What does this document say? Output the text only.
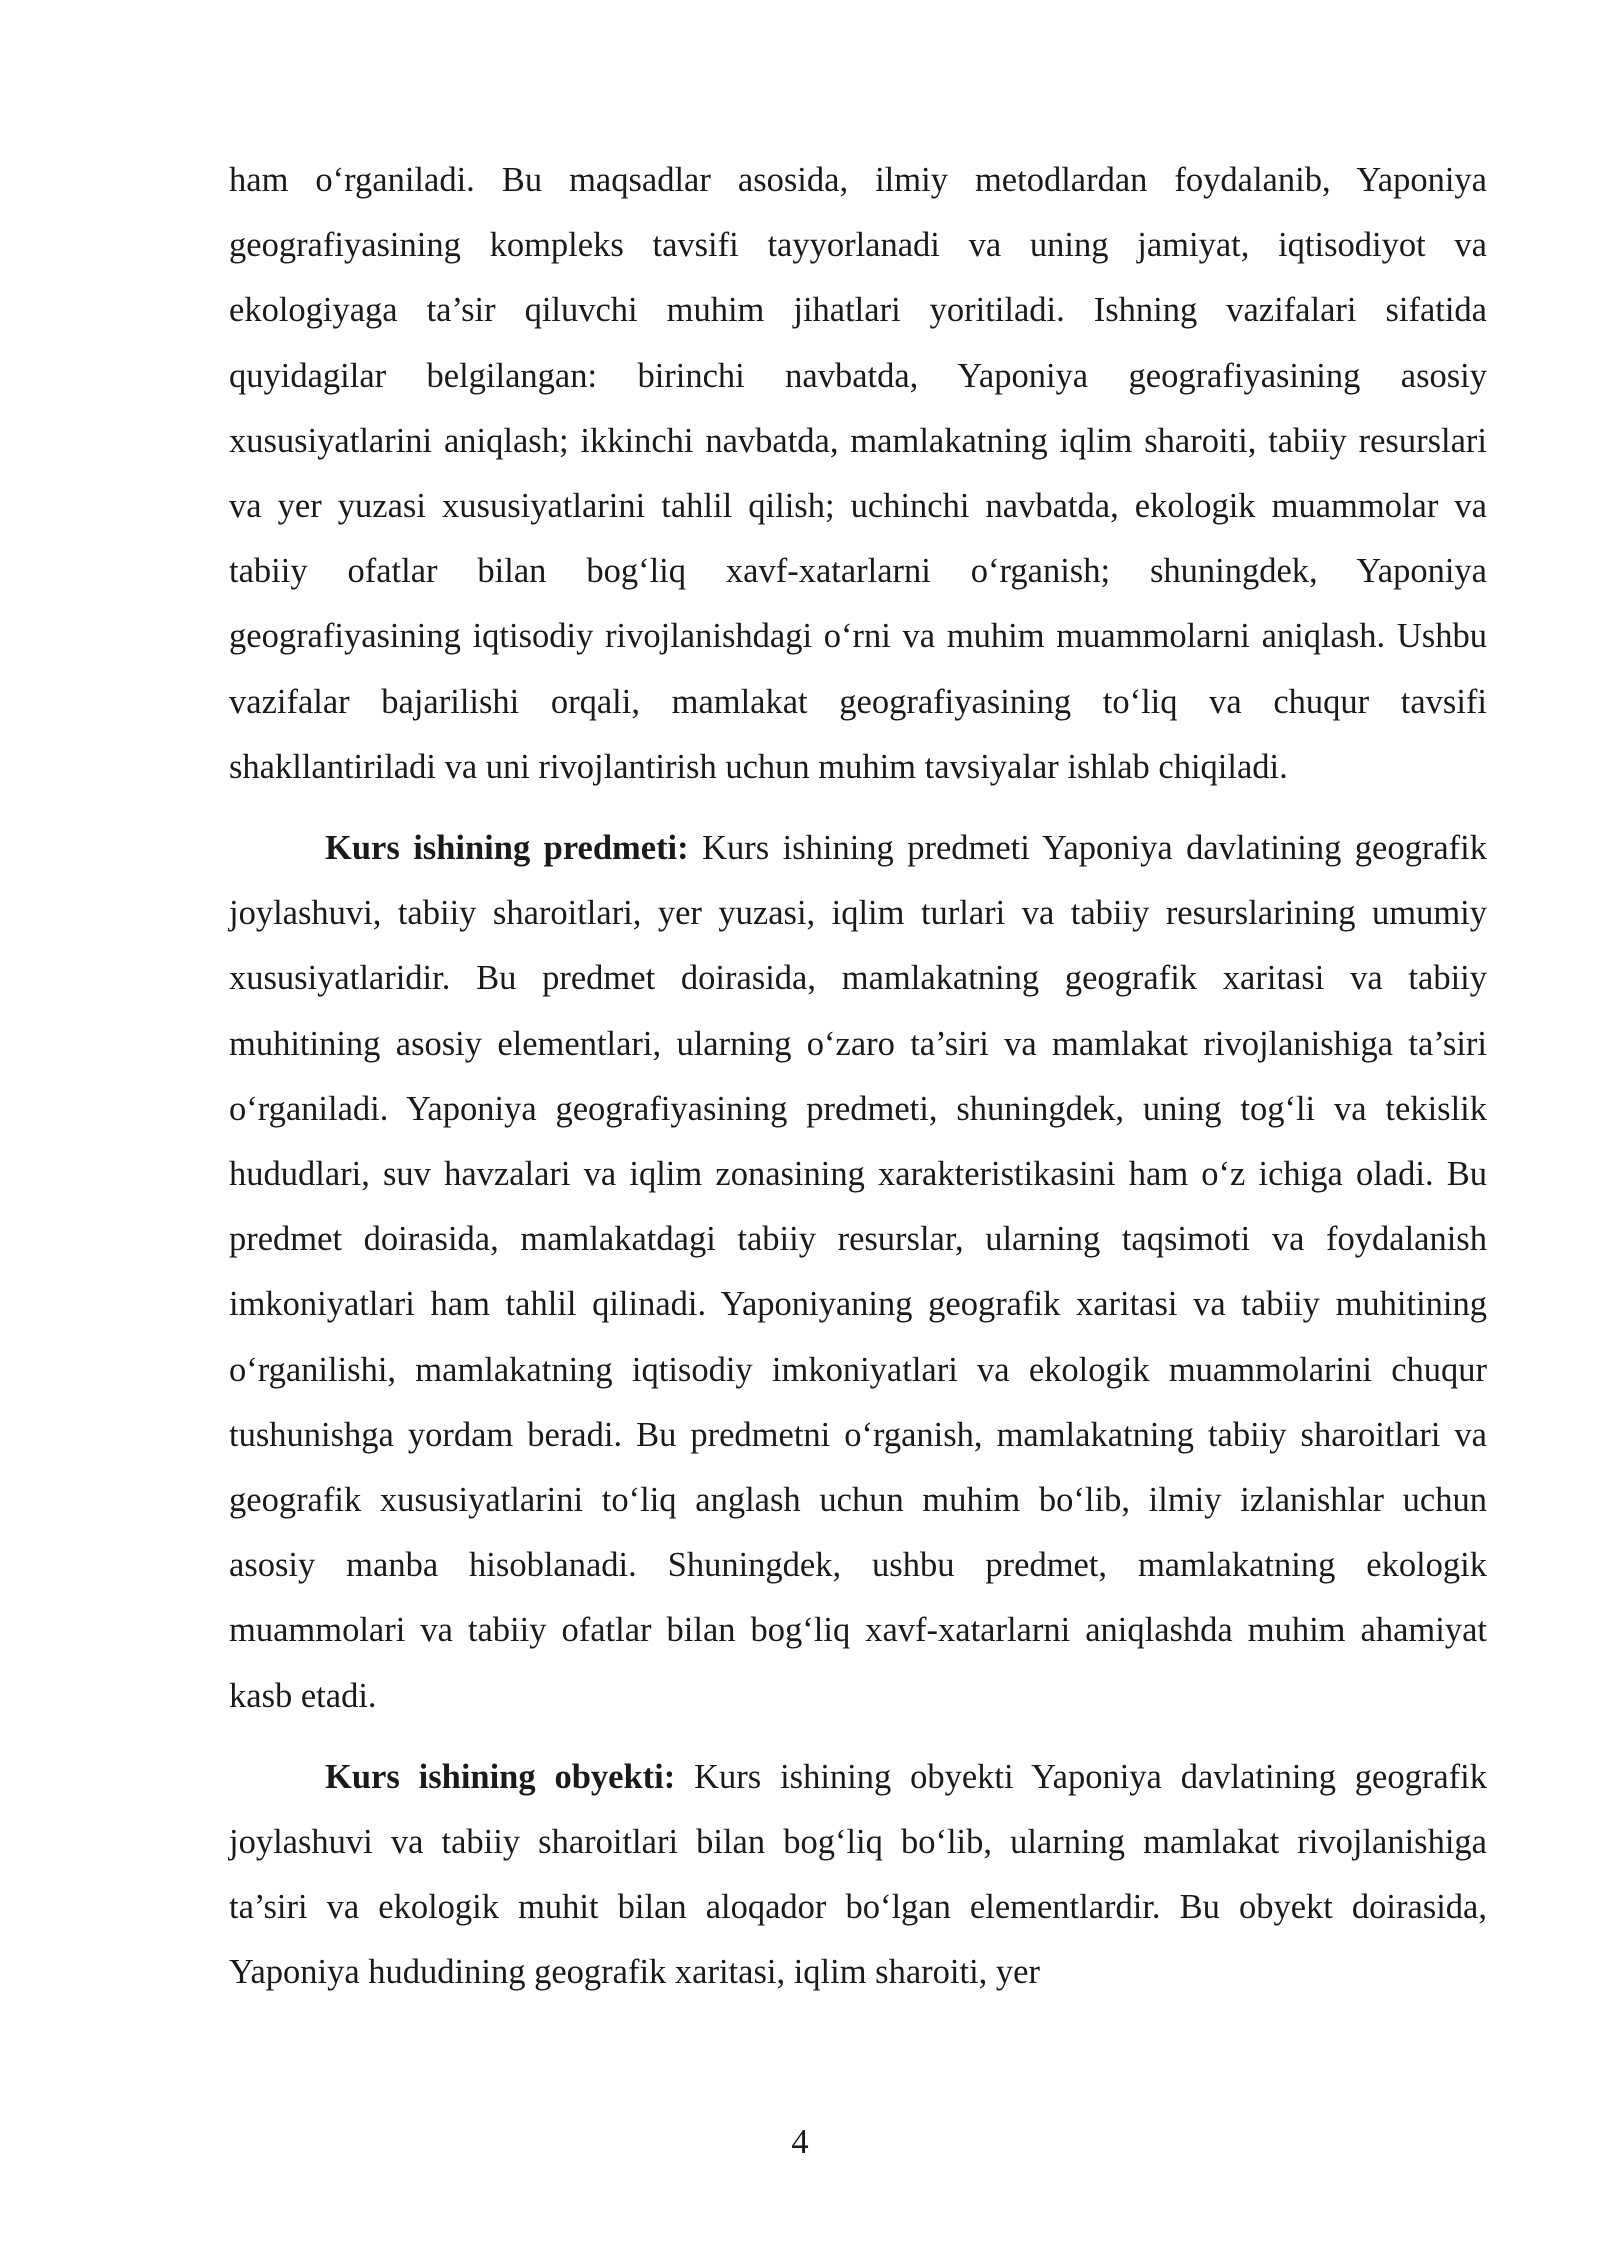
ham o‘rganiladi. Bu maqsadlar asosida, ilmiy metodlardan foydalanib, Yaponiya geografiyasining kompleks tavsifi tayyorlanadi va uning jamiyat, iqtisodiyot va ekologiyaga ta’sir qiluvchi muhim jihatlari yoritiladi. Ishning vazifalari sifatida quyidagilar belgilangan: birinchi navbatda, Yaponiya geografiyasining asosiy xususiyatlarini aniqlash; ikkinchi navbatda, mamlakatning iqlim sharoiti, tabiiy resurslari va yer yuzasi xususiyatlarini tahlil qilish; uchinchi navbatda, ekologik muammolar va tabiiy ofatlar bilan bog‘liq xavf-xatarlarni o‘rganish; shuningdek, Yaponiya geografiyasining iqtisodiy rivojlanishdagi o‘rni va muhim muammolarni aniqlash. Ushbu vazifalar bajarilishi orqali, mamlakat geografiyasining to‘liq va chuqur tavsifi shakllantiriladi va uni rivojlantirish uchun muhim tavsiyalar ishlab chiqiladi.

Kurs ishining predmeti: Kurs ishining predmeti Yaponiya davlatining geografik joylashuvi, tabiiy sharoitlari, yer yuzasi, iqlim turlari va tabiiy resurslarining umumiy xususiyatlaridir. Bu predmet doirasida, mamlakatning geografik xaritasi va tabiiy muhitining asosiy elementlari, ularning o‘zaro ta’siri va mamlakat rivojlanishiga ta’siri o‘rganiladi. Yaponiya geografiyasining predmeti, shuningdek, uning tog‘li va tekislik hududlari, suv havzalari va iqlim zonasining xarakteristikasini ham o‘z ichiga oladi. Bu predmet doirasida, mamlakatdagi tabiiy resurslar, ularning taqsimoti va foydalanish imkoniyatlari ham tahlil qilinadi. Yaponiyaning geografik xaritasi va tabiiy muhitining o‘rganilishi, mamlakatning iqtisodiy imkoniyatlari va ekologik muammolarini chuqur tushunishga yordam beradi. Bu predmetni o‘rganish, mamlakatning tabiiy sharoitlari va geografik xususiyatlarini to‘liq anglash uchun muhim bo‘lib, ilmiy izlanishlar uchun asosiy manba hisoblanadi. Shuningdek, ushbu predmet, mamlakatning ekologik muammolari va tabiiy ofatlar bilan bog‘liq xavf-xatarlarni aniqlashda muhim ahamiyat kasb etadi.

Kurs ishining obyekti: Kurs ishining obyekti Yaponiya davlatining geografik joylashuvi va tabiiy sharoitlari bilan bog‘liq bo‘lib, ularning mamlakat rivojlanishiga ta’siri va ekologik muhit bilan aloqador bo‘lgan elementlardir. Bu obyekt doirasida, Yaponiya hududining geografik xaritasi, iqlim sharoiti, yer

4
